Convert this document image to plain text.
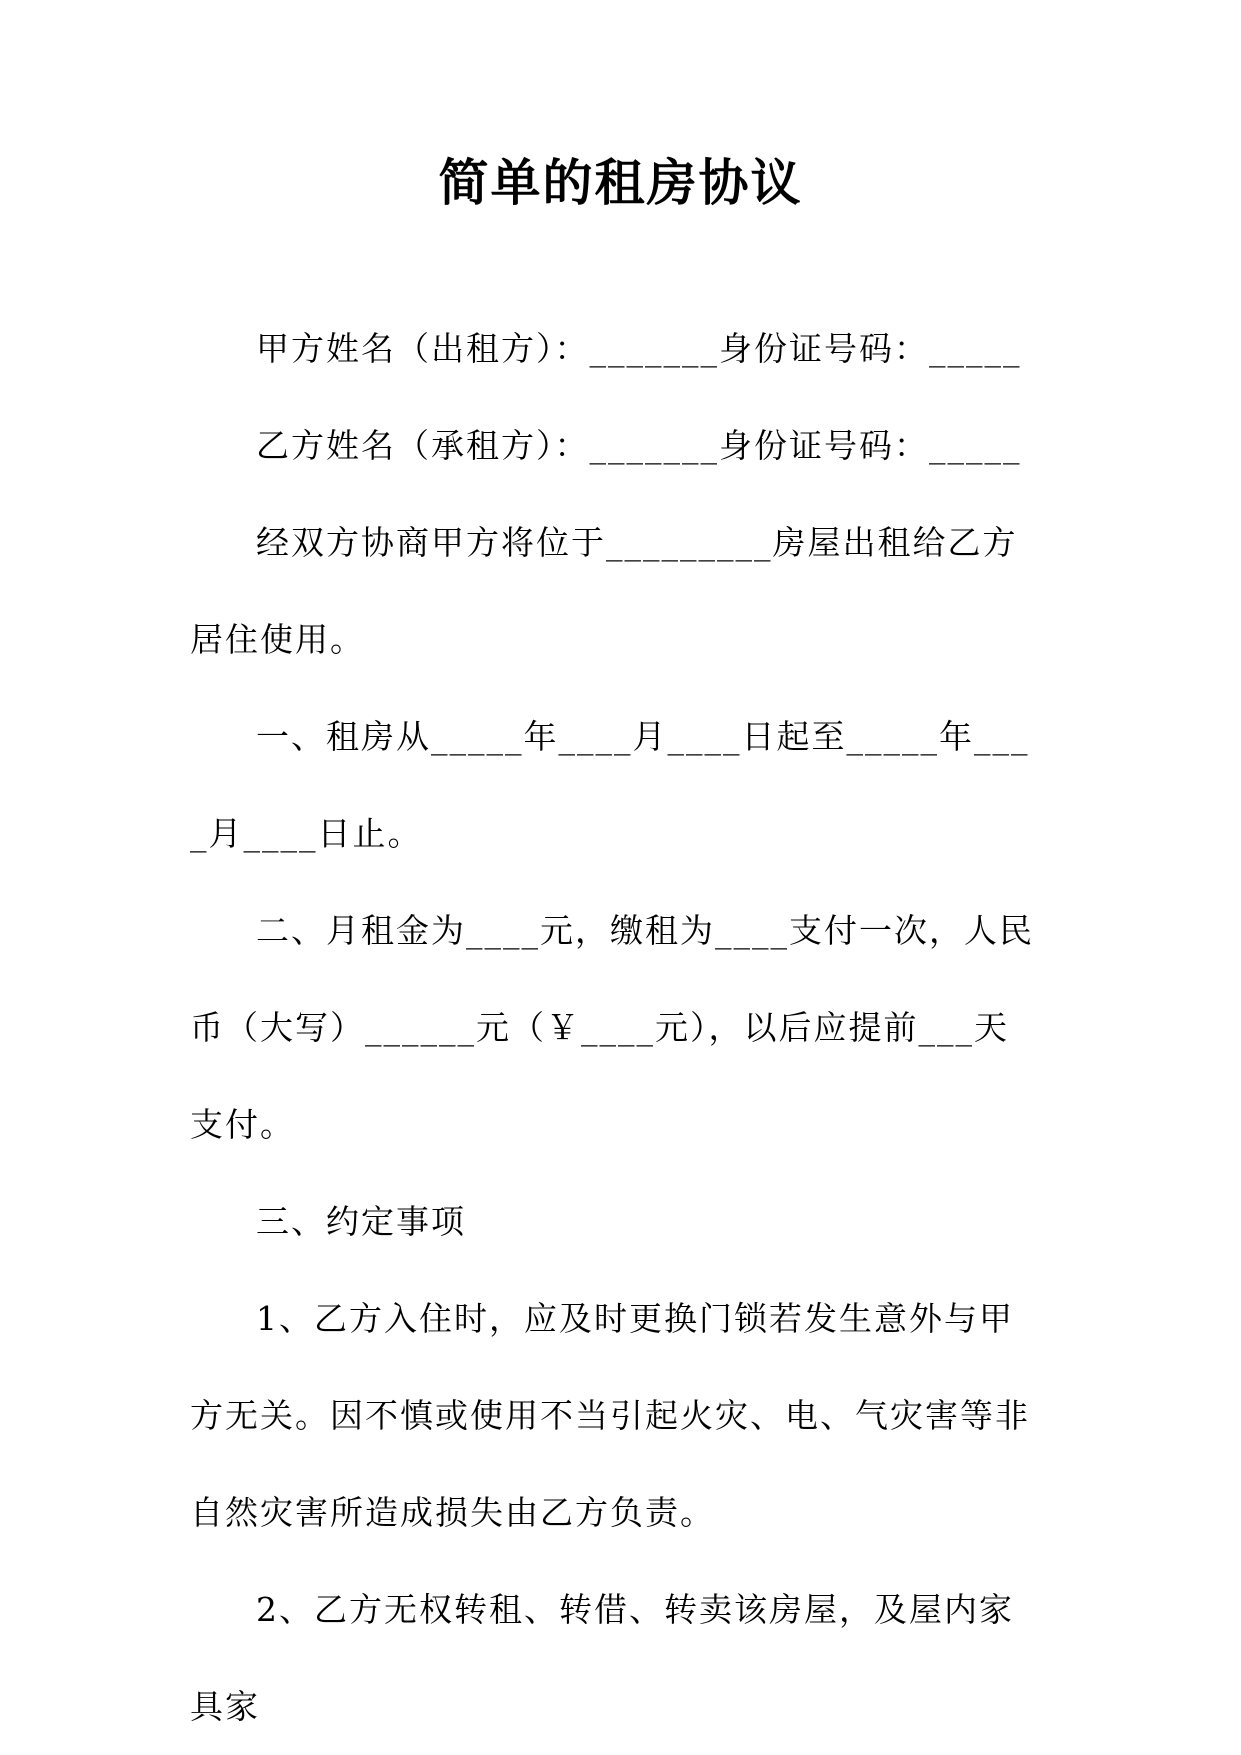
简单的租房协议

甲方姓名（出租方）：_______身份证号码：_____

乙方姓名（承租方）：_______身份证号码：_____

经双方协商甲方将位于_________房屋出租给乙方居住使用。

一、租房从_____年____月____日起至_____年____月____日止。

二、月租金为____元，缴租为____支付一次，人民币（大写）______元（￥____元），以后应提前___天支付。

三、约定事项

1、乙方入住时，应及时更换门锁若发生意外与甲方无关。因不慎或使用不当引起火灾、电、气灾害等非自然灾害所造成损失由乙方负责。

2、乙方无权转租、转借、转卖该房屋，及屋内家具家
